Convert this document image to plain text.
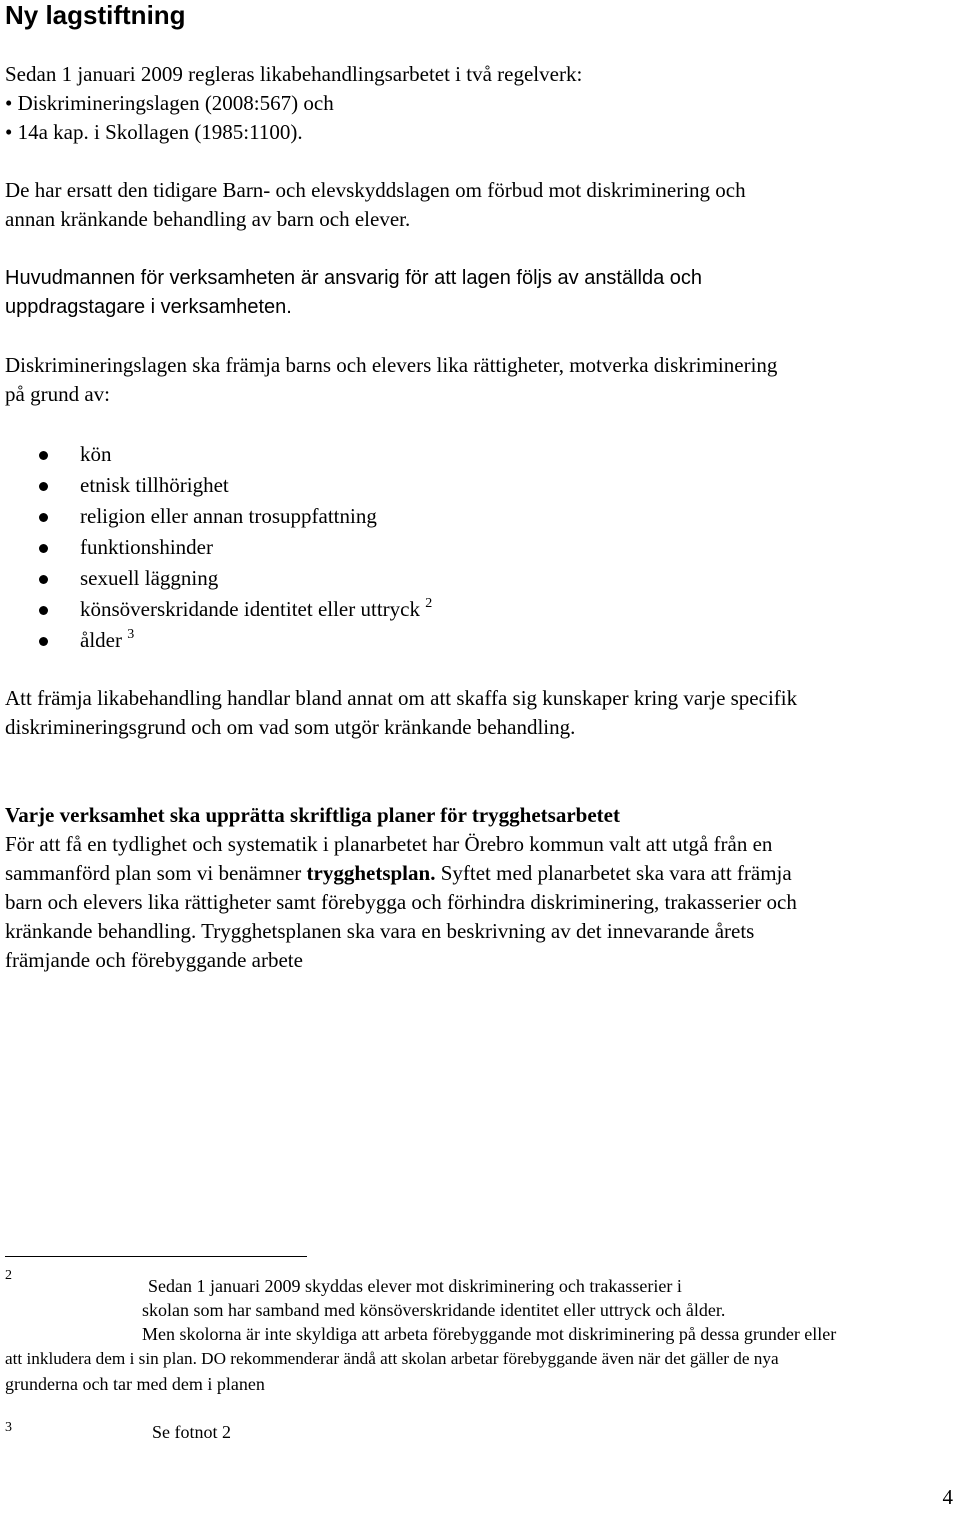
Ny lagstiftning
Sedan 1 januari 2009 regleras likabehandlingsarbetet i två regelverk:
• Diskrimineringslagen (2008:567) och
• 14a kap. i Skollagen (1985:1100).
De har ersatt den tidigare Barn- och elevskyddslagen om förbud mot diskriminering och
annan kränkande behandling av barn och elever.
Huvudmannen för verksamheten är ansvarig för att lagen följs av anställda och
uppdragstagare i verksamheten.
Diskrimineringslagen ska främja barns och elevers lika rättigheter, motverka diskriminering
på grund av:
kön
etnisk tillhörighet
religion eller annan trosuppfattning
funktionshinder
sexuell läggning
könsöverskridande identitet eller uttryck $^2$
ålder $^3$
Att främja likabehandling handlar bland annat om att skaffa sig kunskaper kring varje specifik
diskrimineringsgrund och om vad som utgör kränkande behandling.
Varje verksamhet ska upprätta skriftliga planer för trygghetsarbetet
För att få en tydlighet och systematik i planarbetet har Örebro kommun valt att utgå från en
sammanförd plan som vi benämner trygghetsplan. Syftet med planarbetet ska vara att främja
barn och elevers lika rättigheter samt förebygga och förhindra diskriminering, trakasserier och
kränkande behandling. Trygghetsplanen ska vara en beskrivning av det innevarande årets
främjande och förebyggande arbete
2
Sedan 1 januari 2009 skyddas elever mot diskriminering och trakasserier i
skolan som har samband med könsöverskridande identitet eller uttryck och ålder.
Men skolorna är inte skyldiga att arbeta förebyggande mot diskriminering på dessa grunder eller
att inkludera dem i sin plan. DO rekommenderar ändå att skolan arbetar förebyggande även när det gäller de nya
grunderna och tar med dem i planen
3	Se fotnot 2
4
